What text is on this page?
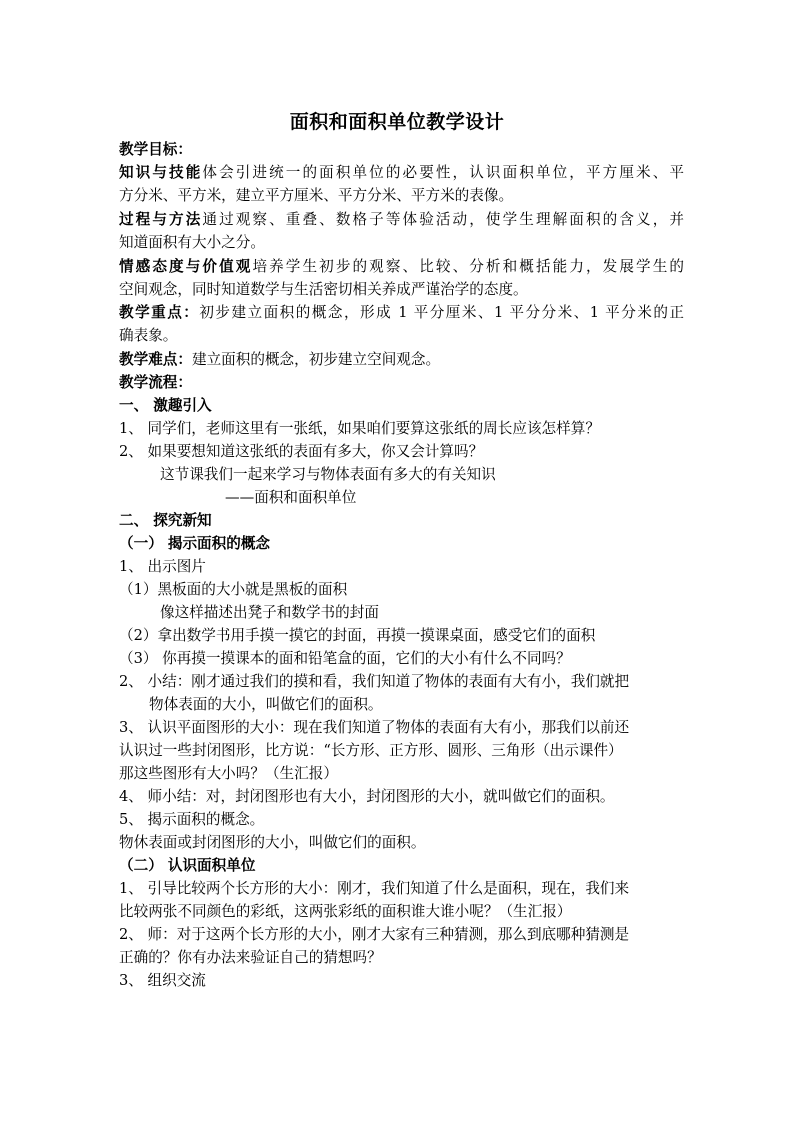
面积和面积单位教学设计
教学目标：
知识与技能体会引进统一的面积单位的必要性，认识面积单位，平方厘米、平
方分米、平方米，建立平方厘米、平方分米、平方米的表像。
过程与方法通过观察、重叠、数格子等体验活动，使学生理解面积的含义，并
知道面积有大小之分。
情感态度与价值观培养学生初步的观察、比较、分析和概括能力，发展学生的
空间观念，同时知道数学与生活密切相关养成严谨治学的态度。
教学重点：初步建立面积的概念，形成 1 平分厘米、1 平分分米、1 平分米的正
确表象。
教学难点：建立面积的概念，初步建立空间观念。
教学流程：
一、 激趣引入
1、 同学们，老师这里有一张纸，如果咱们要算这张纸的周长应该怎样算？
2、 如果要想知道这张纸的表面有多大，你又会计算吗？
这节课我们一起来学习与物体表面有多大的有关知识
——面积和面积单位
二、 探究新知
（一） 揭示面积的概念
1、 出示图片
（1）黑板面的大小就是黑板的面积
像这样描述出凳子和数学书的封面
（2）拿出数学书用手摸一摸它的封面，再摸一摸课桌面，感受它们的面积
（3） 你再摸一摸课本的面和铅笔盒的面，它们的大小有什么不同吗？
2、 小结：刚才通过我们的摸和看，我们知道了物体的表面有大有小，我们就把
物体表面的大小，叫做它们的面积。
3、 认识平面图形的大小：现在我们知道了物体的表面有大有小，那我们以前还
认识过一些封闭图形，比方说：“长方形、正方形、圆形、三角形（出示课件）
那这些图形有大小吗？（生汇报）
4、 师小结：对，封闭图形也有大小，封闭图形的大小，就叫做它们的面积。
5、 揭示面积的概念。
物休表面或封闭图形的大小，叫做它们的面积。
（二） 认识面积单位
1、 引导比较两个长方形的大小：刚才，我们知道了什么是面积，现在，我们来
比较两张不同颜色的彩纸，这两张彩纸的面积谁大谁小呢？（生汇报）
2、 师：对于这两个长方形的大小，刚才大家有三种猜测，那么到底哪种猜测是
正确的？你有办法来验证自己的猜想吗？
3、 组织交流
